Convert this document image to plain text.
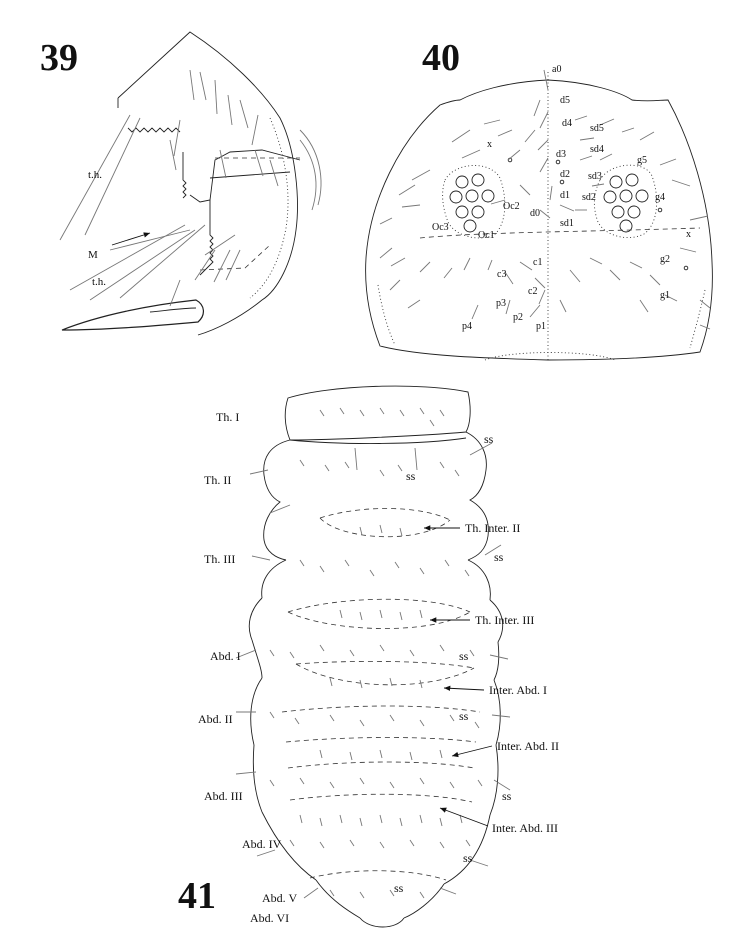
39
t.h.
M
t.h.
40	a0
d5
d4 sd5
d3 sd4
x
d2 sd3
g5
d1 sd2	g4
Oc2
d0
sd1
Oc3
Oc1	x
c1
c3
c2
g2
g1
p3
p2
p1
p4
41
Th. I
Th. II
Th. III
Abd. I
Abd. II
Abd. III
Abd. IV
Abd. V
Abd. VI
Th. Inter. II
Th. Inter. III
Inter. Abd. I
Inter. Abd. II
Inter. Abd. III
ss
ss
ss
ss
ss
ss
ss
ss
